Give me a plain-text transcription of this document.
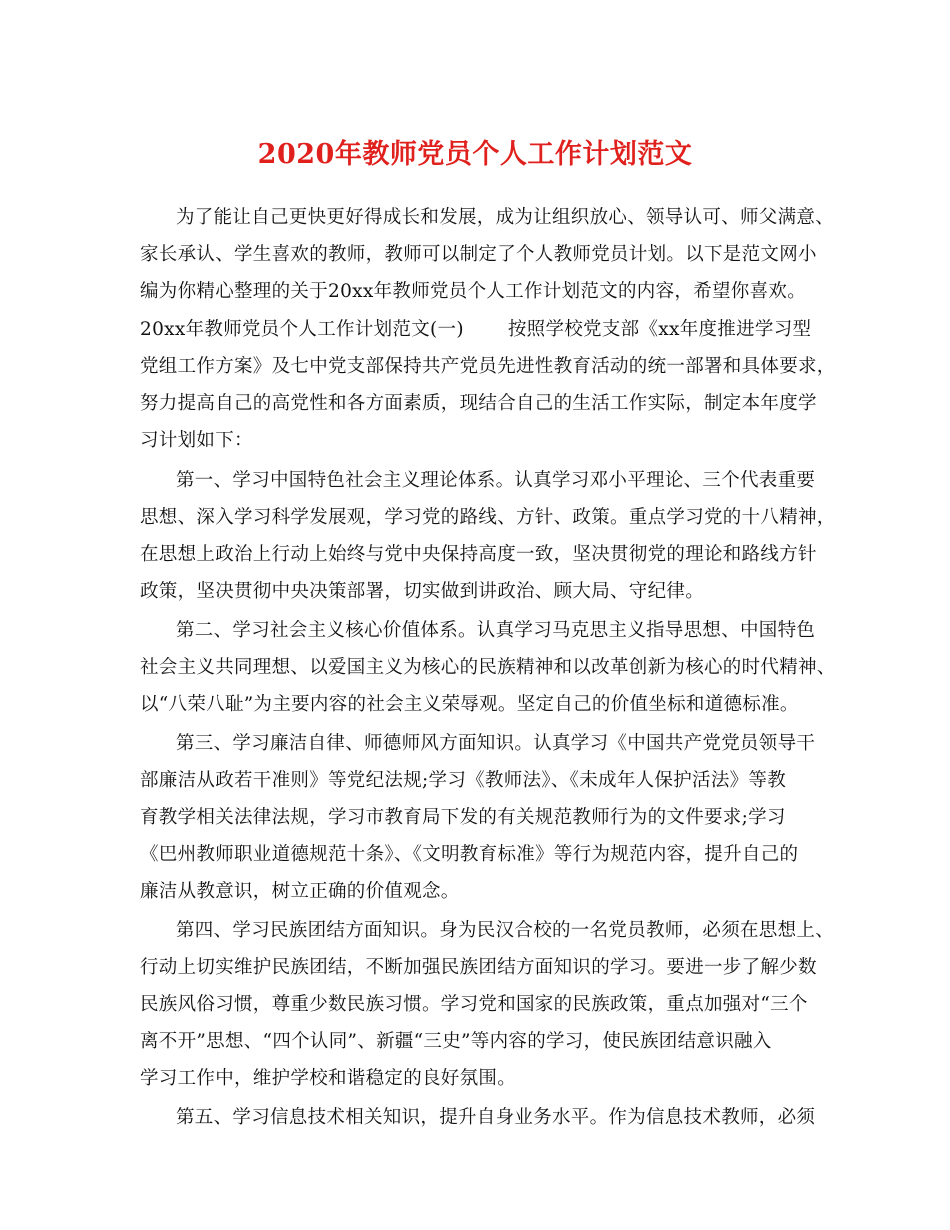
2020年教师党员个人工作计划范文
为了能让自己更快更好得成长和发展，成为让组织放心、领导认可、师父满意、
家长承认、学生喜欢的教师，教师可以制定了个人教师党员计划。以下是范文网小
编为你精心整理的关于20xx年教师党员个人工作计划范文的内容，希望你喜欢。
20xx年教师党员个人工作计划范文(一) 按照学校党支部《xx年度推进学习型
党组工作方案》及七中党支部保持共产党员先进性教育活动的统一部署和具体要求，
努力提高自己的高党性和各方面素质，现结合自己的生活工作实际，制定本年度学
习计划如下：
第一、学习中国特色社会主义理论体系。认真学习邓小平理论、三个代表重要
思想、深入学习科学发展观，学习党的路线、方针、政策。重点学习党的十八精神，
在思想上政治上行动上始终与党中央保持高度一致，坚决贯彻党的理论和路线方针
政策，坚决贯彻中央决策部署，切实做到讲政治、顾大局、守纪律。
第二、学习社会主义核心价值体系。认真学习马克思主义指导思想、中国特色
社会主义共同理想、以爱国主义为核心的民族精神和以改革创新为核心的时代精神、
以“八荣八耻”为主要内容的社会主义荣辱观。坚定自己的价值坐标和道德标准。
第三、学习廉洁自律、师德师风方面知识。认真学习《中国共产党党员领导干
部廉洁从政若干准则》等党纪法规;学习《教师法》、《未成年人保护活法》等教
育教学相关法律法规，学习市教育局下发的有关规范教师行为的文件要求;学习
《巴州教师职业道德规范十条》、《文明教育标准》等行为规范内容，提升自己的
廉洁从教意识，树立正确的价值观念。
第四、学习民族团结方面知识。身为民汉合校的一名党员教师，必须在思想上、
行动上切实维护民族团结，不断加强民族团结方面知识的学习。要进一步了解少数
民族风俗习惯，尊重少数民族习惯。学习党和国家的民族政策，重点加强对“三个
离不开”思想、“四个认同”、新疆“三史”等内容的学习，使民族团结意识融入
学习工作中，维护学校和谐稳定的良好氛围。
第五、学习信息技术相关知识，提升自身业务水平。作为信息技术教师，必须
